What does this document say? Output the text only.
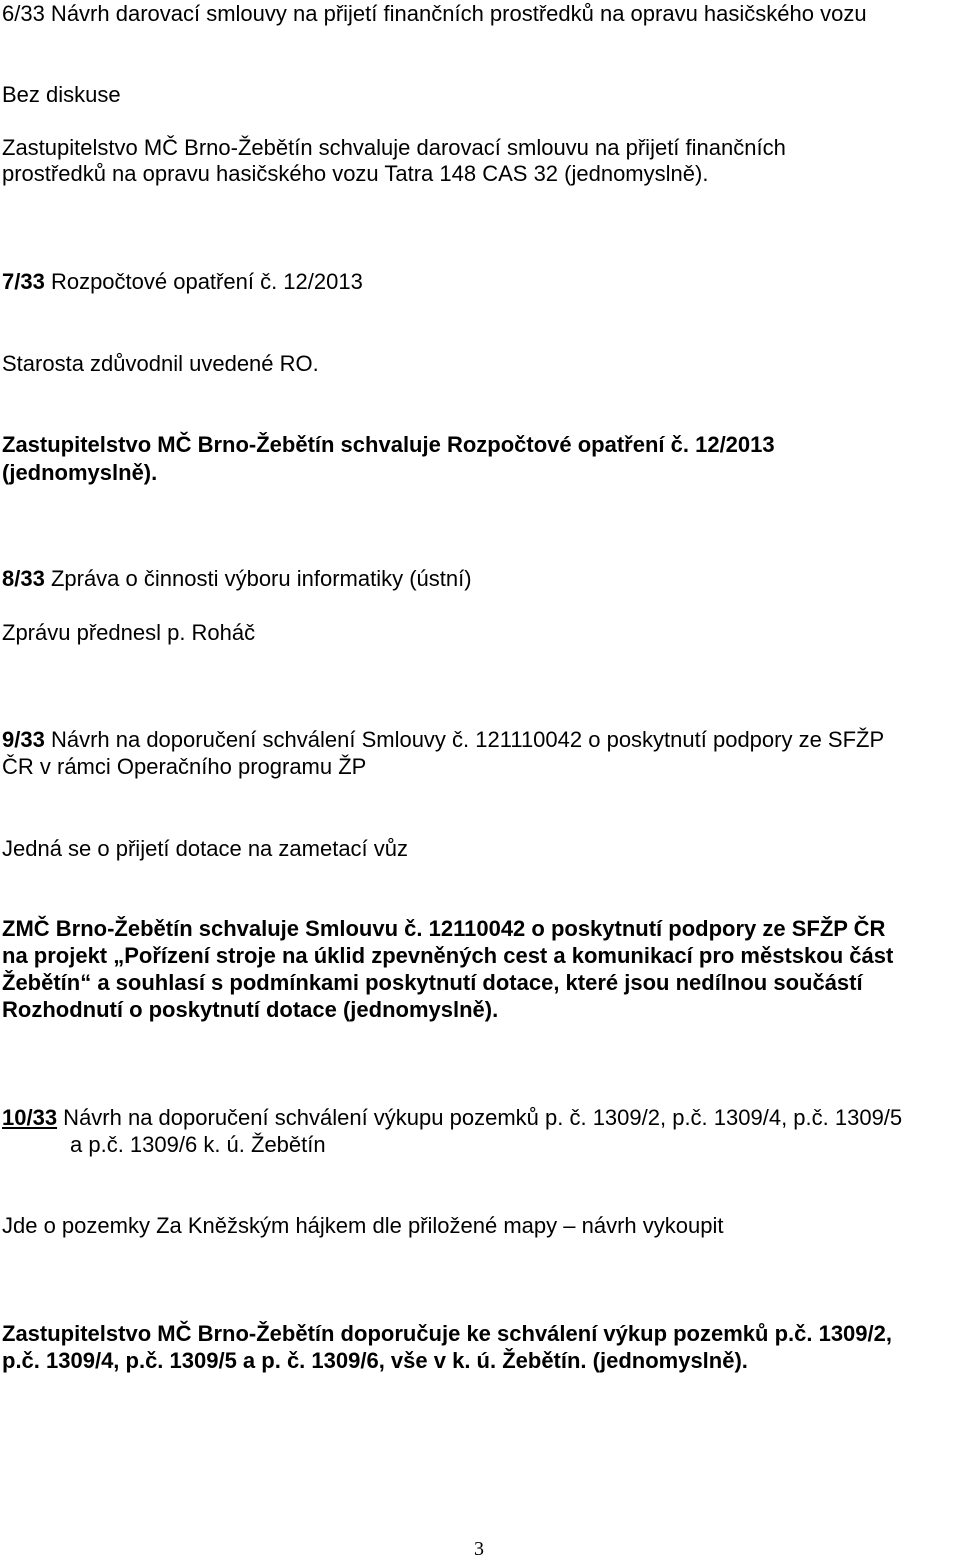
6/33 Návrh darovací smlouvy na přijetí finančních prostředků na opravu hasičského vozu

Bez diskuse

Zastupitelstvo MČ Brno-Žebětín schvaluje darovací smlouvu na přijetí finančních

prostředků na opravu hasičského vozu Tatra 148 CAS 32 (jednomyslně).

7/33 Rozpočtové opatření č. 12/2013

Starosta zdůvodnil uvedené RO.

Zastupitelstvo MČ Brno-Žebětín schvaluje Rozpočtové opatření č. 12/2013

(jednomyslně).

8/33 Zpráva o činnosti výboru informatiky (ústní)

Zprávu přednesl p. Roháč

9/33 Návrh na doporučení schválení Smlouvy č. 121110042 o poskytnutí podpory ze SFŽP

ČR v rámci Operačního programu ŽP

Jedná se o přijetí dotace na zametací vůz

ZMČ Brno-Žebětín schvaluje Smlouvu č. 12110042 o poskytnutí podpory ze SFŽP ČR

na projekt „Pořízení stroje na úklid zpevněných cest a komunikací pro městskou část

Žebětín“ a souhlasí s podmínkami poskytnutí dotace, které jsou nedílnou součástí

Rozhodnutí o poskytnutí dotace (jednomyslně).

10/33 Návrh na doporučení schválení výkupu pozemků p. č. 1309/2, p.č. 1309/4, p.č. 1309/5

a p.č. 1309/6 k. ú. Žebětín

Jde o pozemky Za Kněžským hájkem dle přiložené mapy – návrh vykoupit

Zastupitelstvo MČ Brno-Žebětín doporučuje ke schválení výkup pozemků p.č. 1309/2,

p.č. 1309/4, p.č. 1309/5 a p. č. 1309/6, vše v k. ú. Žebětín. (jednomyslně).

3
